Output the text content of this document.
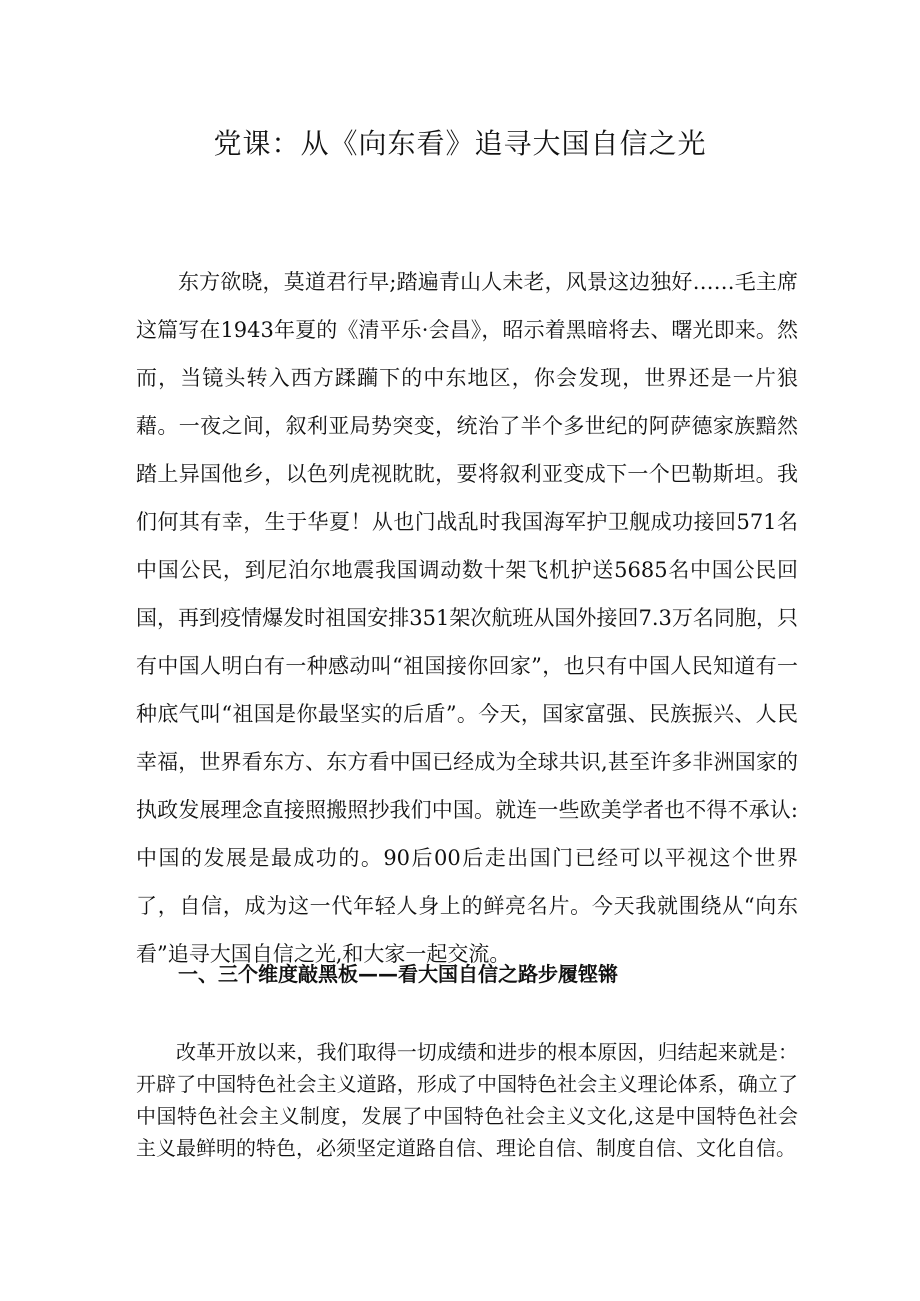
党课：从《向东看》追寻大国自信之光

东方欲晓，莫道君行早;踏遍青山人未老，风景这边独好……毛主席这篇写在1943年夏的《清平乐·会昌》，昭示着黑暗将去、曙光即来。然而，当镜头转入西方蹂躏下的中东地区，你会发现，世界还是一片狼藉。一夜之间，叙利亚局势突变，统治了半个多世纪的阿萨德家族黯然踏上异国他乡，以色列虎视眈眈，要将叙利亚变成下一个巴勒斯坦。我们何其有幸，生于华夏！从也门战乱时我国海军护卫舰成功接回571名中国公民，到尼泊尔地震我国调动数十架飞机护送5685名中国公民回国，再到疫情爆发时祖国安排351架次航班从国外接回7.3万名同胞，只有中国人明白有一种感动叫“祖国接你回家”，也只有中国人民知道有一种底气叫“祖国是你最坚实的后盾”。今天，国家富强、民族振兴、人民幸福，世界看东方、东方看中国已经成为全球共识,甚至许多非洲国家的执政发展理念直接照搬照抄我们中国。就连一些欧美学者也不得不承认:中国的发展是最成功的。90后00后走出国门已经可以平视这个世界了，自信，成为这一代年轻人身上的鲜亮名片。今天我就围绕从“向东看”追寻大国自信之光,和大家一起交流。

一、三个维度敲黑板——看大国自信之路步履铿锵

改革开放以来，我们取得一切成绩和进步的根本原因，归结起来就是：开辟了中国特色社会主义道路，形成了中国特色社会主义理论体系，确立了中国特色社会主义制度，发展了中国特色社会主义文化,这是中国特色社会主义最鲜明的特色，必须坚定道路自信、理论自信、制度自信、文化自信。
